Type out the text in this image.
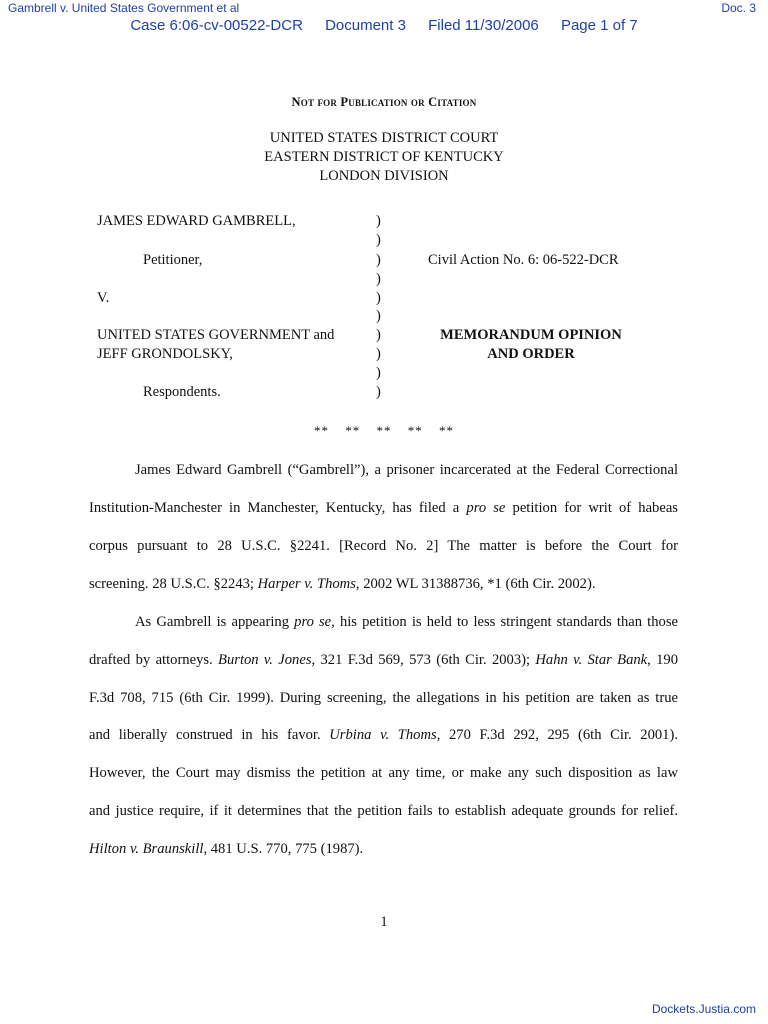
Gambrell v. United States Government et al	Doc. 3
Case 6:06-cv-00522-DCR Document 3 Filed 11/30/2006 Page 1 of 7
Not for Publication or Citation
UNITED STATES DISTRICT COURT
EASTERN DISTRICT OF KENTUCKY
LONDON DIVISION
JAMES EDWARD GAMBRELL,
Petitioner,
V.
UNITED STATES GOVERNMENT and
JEFF GRONDOLSKY,
Respondents.
)
)
)
)
)
)
)
)
)
)
Civil Action No. 6: 06-522-DCR
MEMORANDUM OPINION
AND ORDER
** ** ** ** **
James Edward Gambrell (“Gambrell”), a prisoner incarcerated at the Federal Correctional
Institution-Manchester in Manchester, Kentucky, has filed a pro se petition for writ of habeas
corpus pursuant to 28 U.S.C. §2241. [Record No. 2] The matter is before the Court for
screening. 28 U.S.C. §2243; Harper v. Thoms, 2002 WL 31388736, *1 (6th Cir. 2002).
As Gambrell is appearing pro se, his petition is held to less stringent standards than those
drafted by attorneys. Burton v. Jones, 321 F.3d 569, 573 (6th Cir. 2003); Hahn v. Star Bank, 190
F.3d 708, 715 (6th Cir. 1999). During screening, the allegations in his petition are taken as true
and liberally construed in his favor. Urbina v. Thoms, 270 F.3d 292, 295 (6th Cir. 2001).
However, the Court may dismiss the petition at any time, or make any such disposition as law
and justice require, if it determines that the petition fails to establish adequate grounds for relief.
Hilton v. Braunskill, 481 U.S. 770, 775 (1987).
1
Dockets.Justia.com
